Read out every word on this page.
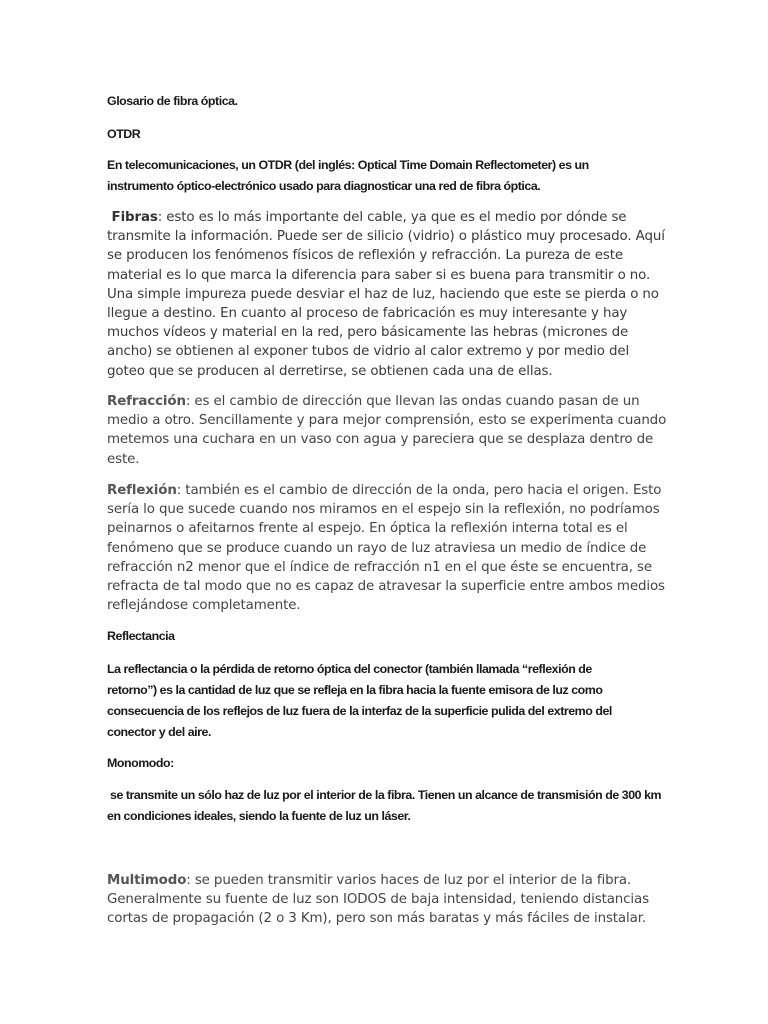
Glosario de fibra óptica.

OTDR

En telecomunicaciones, un OTDR (del inglés: Optical Time Domain Reflectometer) es un instrumento óptico-electrónico usado para diagnosticar una red de fibra óptica.

Fibras: esto es lo más importante del cable, ya que es el medio por dónde se transmite la información. Puede ser de silicio (vidrio) o plástico muy procesado. Aquí se producen los fenómenos físicos de reflexión y refracción. La pureza de este material es lo que marca la diferencia para saber si es buena para transmitir o no. Una simple impureza puede desviar el haz de luz, haciendo que este se pierda o no llegue a destino. En cuanto al proceso de fabricación es muy interesante y hay muchos vídeos y material en la red, pero básicamente las hebras (micrones de ancho) se obtienen al exponer tubos de vidrio al calor extremo y por medio del goteo que se producen al derretirse, se obtienen cada una de ellas.

Refracción: es el cambio de dirección que llevan las ondas cuando pasan de un medio a otro. Sencillamente y para mejor comprensión, esto se experimenta cuando metemos una cuchara en un vaso con agua y pareciera que se desplaza dentro de este.

Reflexión: también es el cambio de dirección de la onda, pero hacia el origen. Esto sería lo que sucede cuando nos miramos en el espejo sin la reflexión, no podríamos peinarnos o afeitarnos frente al espejo. En óptica la reflexión interna total es el fenómeno que se produce cuando un rayo de luz atraviesa un medio de índice de refracción n2 menor que el índice de refracción n1 en el que éste se encuentra, se refracta de tal modo que no es capaz de atravesar la superficie entre ambos medios reflejándose completamente.

Reflectancia

La reflectancia o la pérdida de retorno óptica del conector (también llamada “reflexión de retorno”) es la cantidad de luz que se refleja en la fibra hacia la fuente emisora de luz como consecuencia de los reflejos de luz fuera de la interfaz de la superficie pulida del extremo del conector y del aire.

Monomodo:

se transmite un sólo haz de luz por el interior de la fibra. Tienen un alcance de transmisión de 300 km en condiciones ideales, siendo la fuente de luz un láser.

Multimodo: se pueden transmitir varios haces de luz por el interior de la fibra. Generalmente su fuente de luz son IODOS de baja intensidad, teniendo distancias cortas de propagación (2 o 3 Km), pero son más baratas y más fáciles de instalar.
